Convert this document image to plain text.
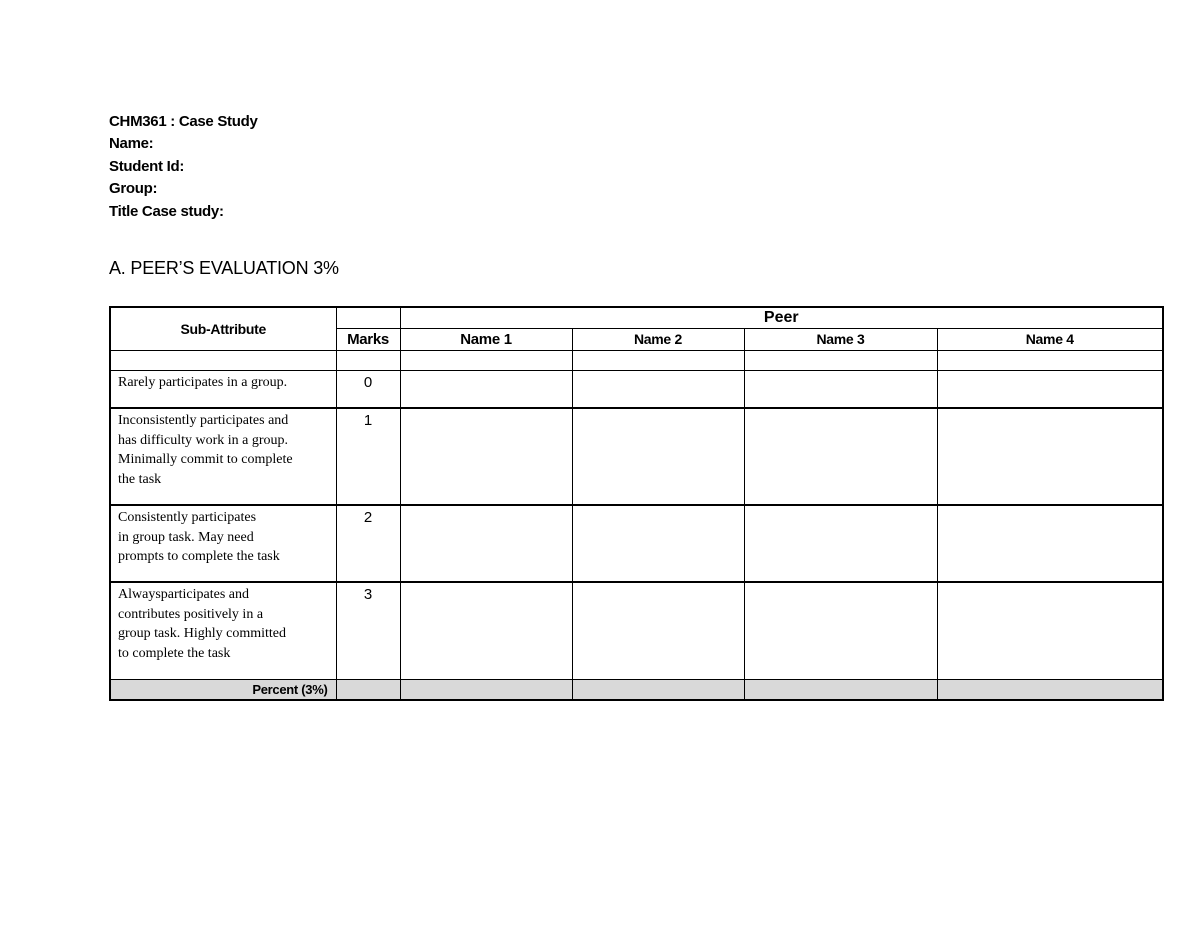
CHM361 : Case Study
Name:
Student Id:
Group:
Title Case study:
A. PEER’S EVALUATION 3%
Sub-Attribute		Peer			
	Marks	Name 1	Name 2	Name 3	Name 4

Rarely participates in a group.	0				

Inconsistently participates and
has difficulty work in a group.
Minimally commit to complete
the task	1				

Consistently participates
in group task. May need
prompts to complete the task	2				

Alwaysparticipates and
contributes positively in a
group task. Highly committed
to complete the task	3				
Percent (3%)					
